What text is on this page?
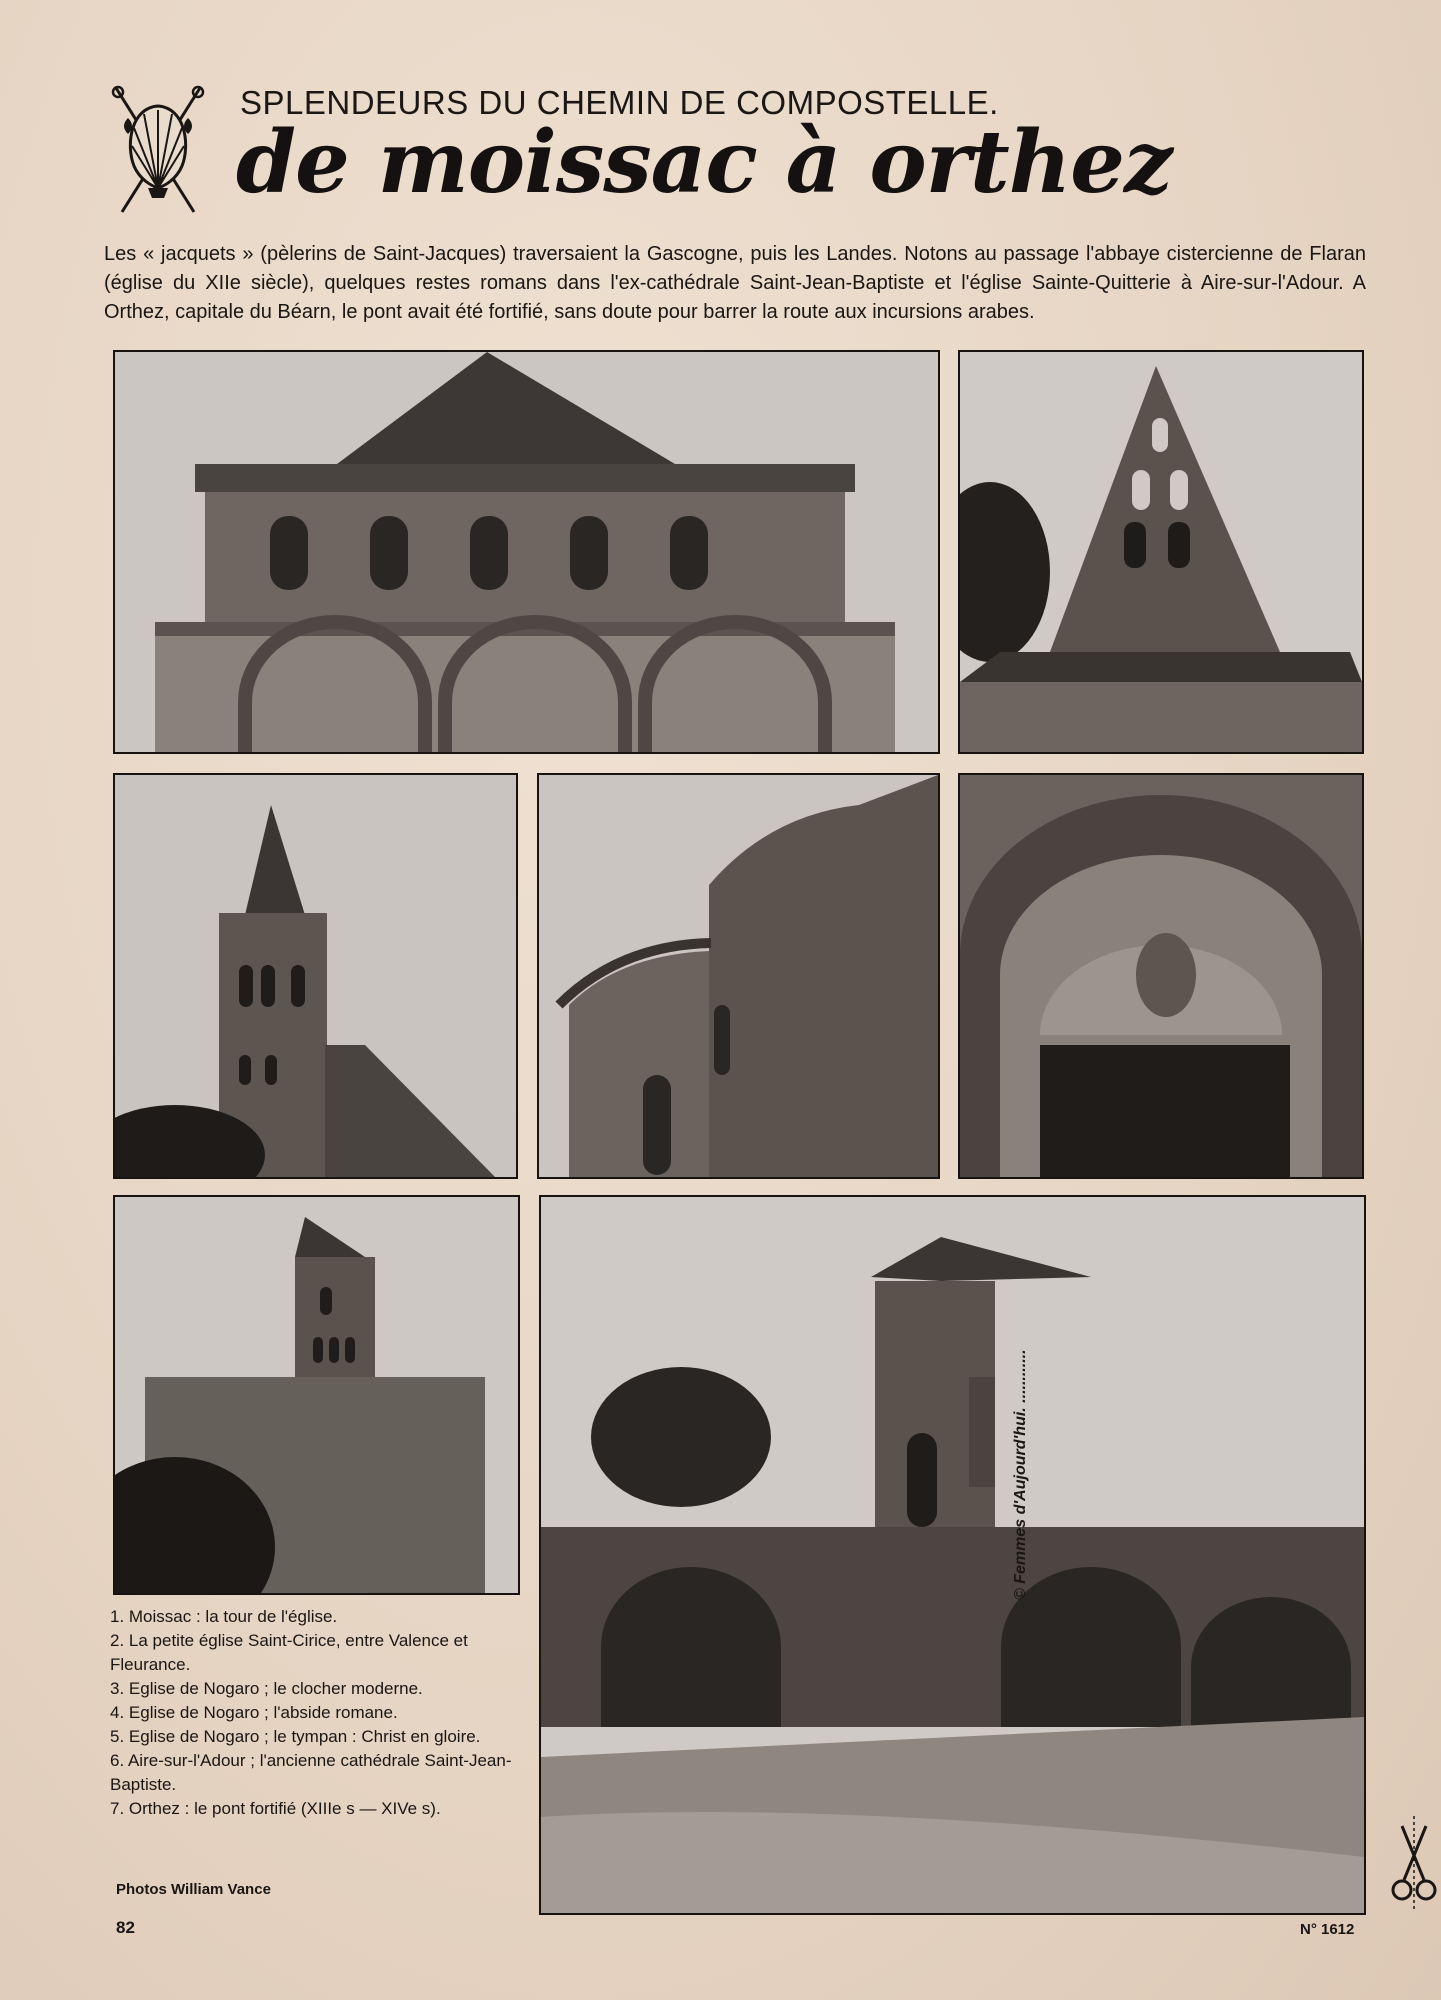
SPLENDEURS DU CHEMIN DE COMPOSTELLE.
de moissac à orthez
Les « jacquets » (pèlerins de Saint-Jacques) traversaient la Gascogne, puis les Landes. Notons au passage l'abbaye cistercienne de Flaran (église du XIIe siècle), quelques restes romans dans l'ex-cathédrale Saint-Jean-Baptiste et l'église Sainte-Quitterie à Aire-sur-l'Adour. A Orthez, capitale du Béarn, le pont avait été fortifié, sans doute pour barrer la route aux incursions arabes.

1. Moissac : la tour de l'église.

2. La petite église Saint-Cirice, entre Valence et Fleurance.

3. Eglise de Nogaro ; le clocher moderne.

4. Eglise de Nogaro ; l'abside romane.

5. Eglise de Nogaro ; le tympan : Christ en gloire.

6. Aire-sur-l'Adour ; l'ancienne cathédrale Saint-Jean-Baptiste.

7. Orthez : le pont fortifié (XIIIe s — XIVe s).

Photos William Vance
82	N° 1612
© Femmes d'Aujourd'hui. ............
